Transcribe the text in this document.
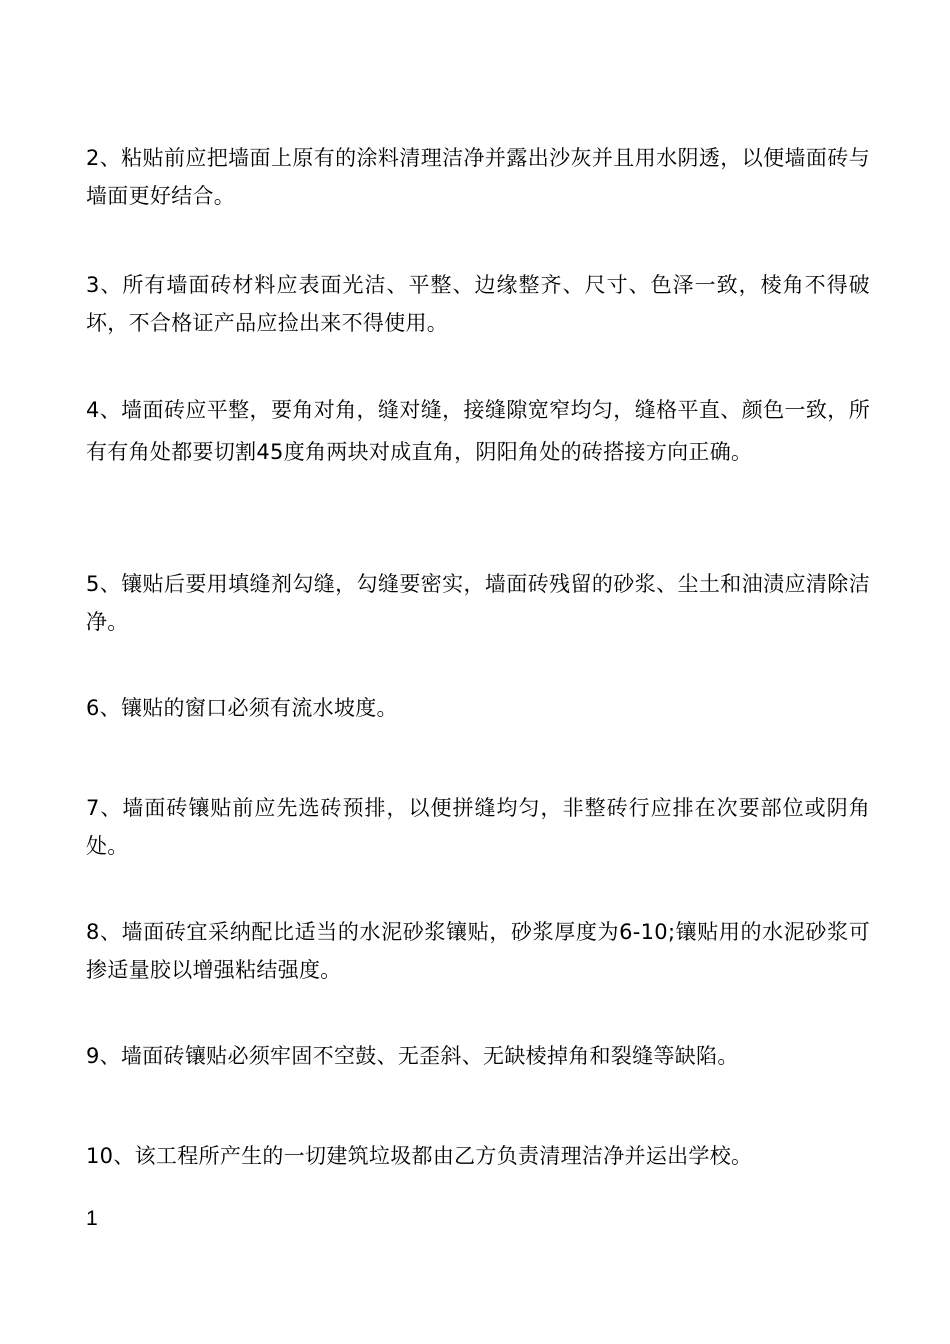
2、粘贴前应把墙面上原有的涂料清理洁净并露出沙灰并且用水阴透，以便墙面砖与墙面更好结合。

3、所有墙面砖材料应表面光洁、平整、边缘整齐、尺寸、色泽一致，棱角不得破坏，不合格证产品应捡出来不得使用。

4、墙面砖应平整，要角对角，缝对缝，接缝隙宽窄均匀，缝格平直、颜色一致，所有有角处都要切割45度角两块对成直角，阴阳角处的砖搭接方向正确。

5、镶贴后要用填缝剂勾缝，勾缝要密实，墙面砖残留的砂浆、尘土和油渍应清除洁净。

6、镶贴的窗口必须有流水坡度。

7、墙面砖镶贴前应先选砖预排，以便拼缝均匀，非整砖行应排在次要部位或阴角处。

8、墙面砖宜采纳配比适当的水泥砂浆镶贴，砂浆厚度为6-10;镶贴用的水泥砂浆可掺适量胶以增强粘结强度。

9、墙面砖镶贴必须牢固不空鼓、无歪斜、无缺棱掉角和裂缝等缺陷。

10、该工程所产生的一切建筑垃圾都由乙方负责清理洁净并运出学校。

1
